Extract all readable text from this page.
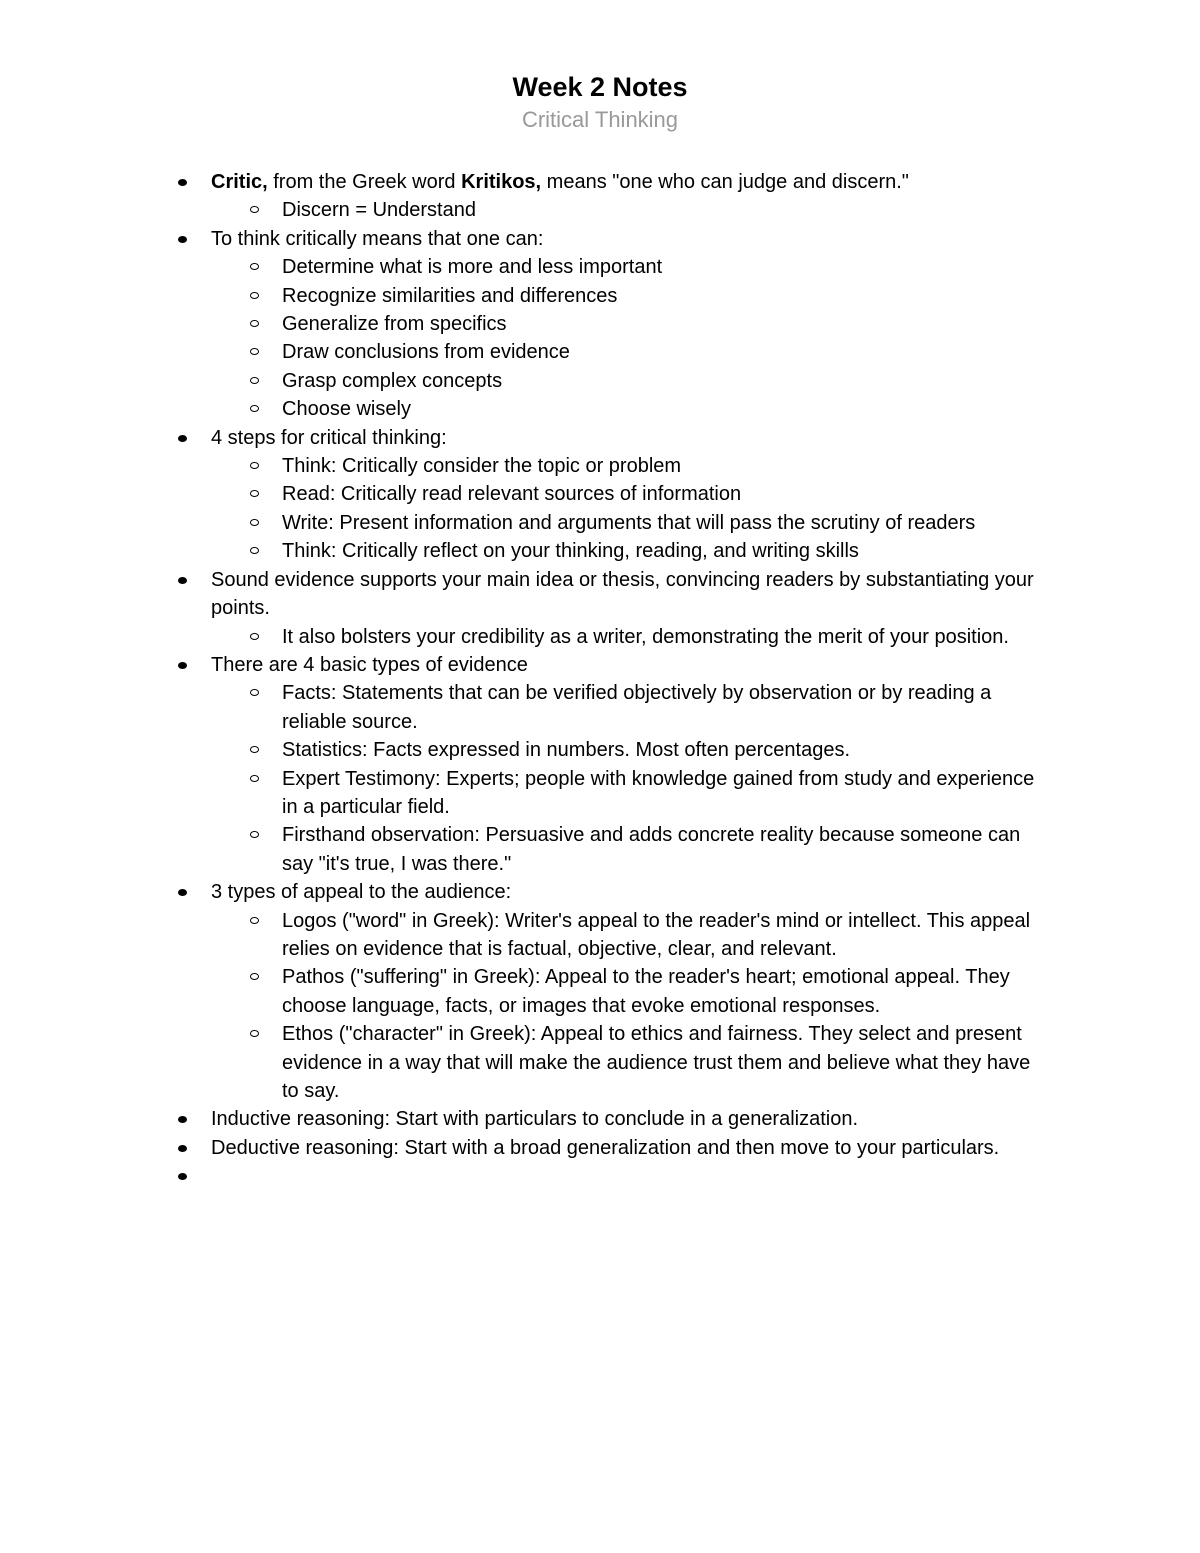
Week 2 Notes
Critical Thinking
Critic, from the Greek word Kritikos, means "one who can judge and discern."
Discern = Understand
To think critically means that one can:
Determine what is more and less important
Recognize similarities and differences
Generalize from specifics
Draw conclusions from evidence
Grasp complex concepts
Choose wisely
4 steps for critical thinking:
Think: Critically consider the topic or problem
Read: Critically read relevant sources of information
Write: Present information and arguments that will pass the scrutiny of readers
Think: Critically reflect on your thinking, reading, and writing skills
Sound evidence supports your main idea or thesis, convincing readers by substantiating your points.
It also bolsters your credibility as a writer, demonstrating the merit of your position.
There are 4 basic types of evidence
Facts: Statements that can be verified objectively by observation or by reading a reliable source.
Statistics: Facts expressed in numbers. Most often percentages.
Expert Testimony: Experts; people with knowledge gained from study and experience in a particular field.
Firsthand observation: Persuasive and adds concrete reality because someone can say "it's true, I was there."
3 types of appeal to the audience:
Logos ("word" in Greek): Writer's appeal to the reader's mind or intellect. This appeal relies on evidence that is factual, objective, clear, and relevant.
Pathos ("suffering" in Greek): Appeal to the reader's heart; emotional appeal. They choose language, facts, or images that evoke emotional responses.
Ethos ("character" in Greek): Appeal to ethics and fairness. They select and present evidence in a way that will make the audience trust them and believe what they have to say.
Inductive reasoning: Start with particulars to conclude in a generalization.
Deductive reasoning: Start with a broad generalization and then move to your particulars.
